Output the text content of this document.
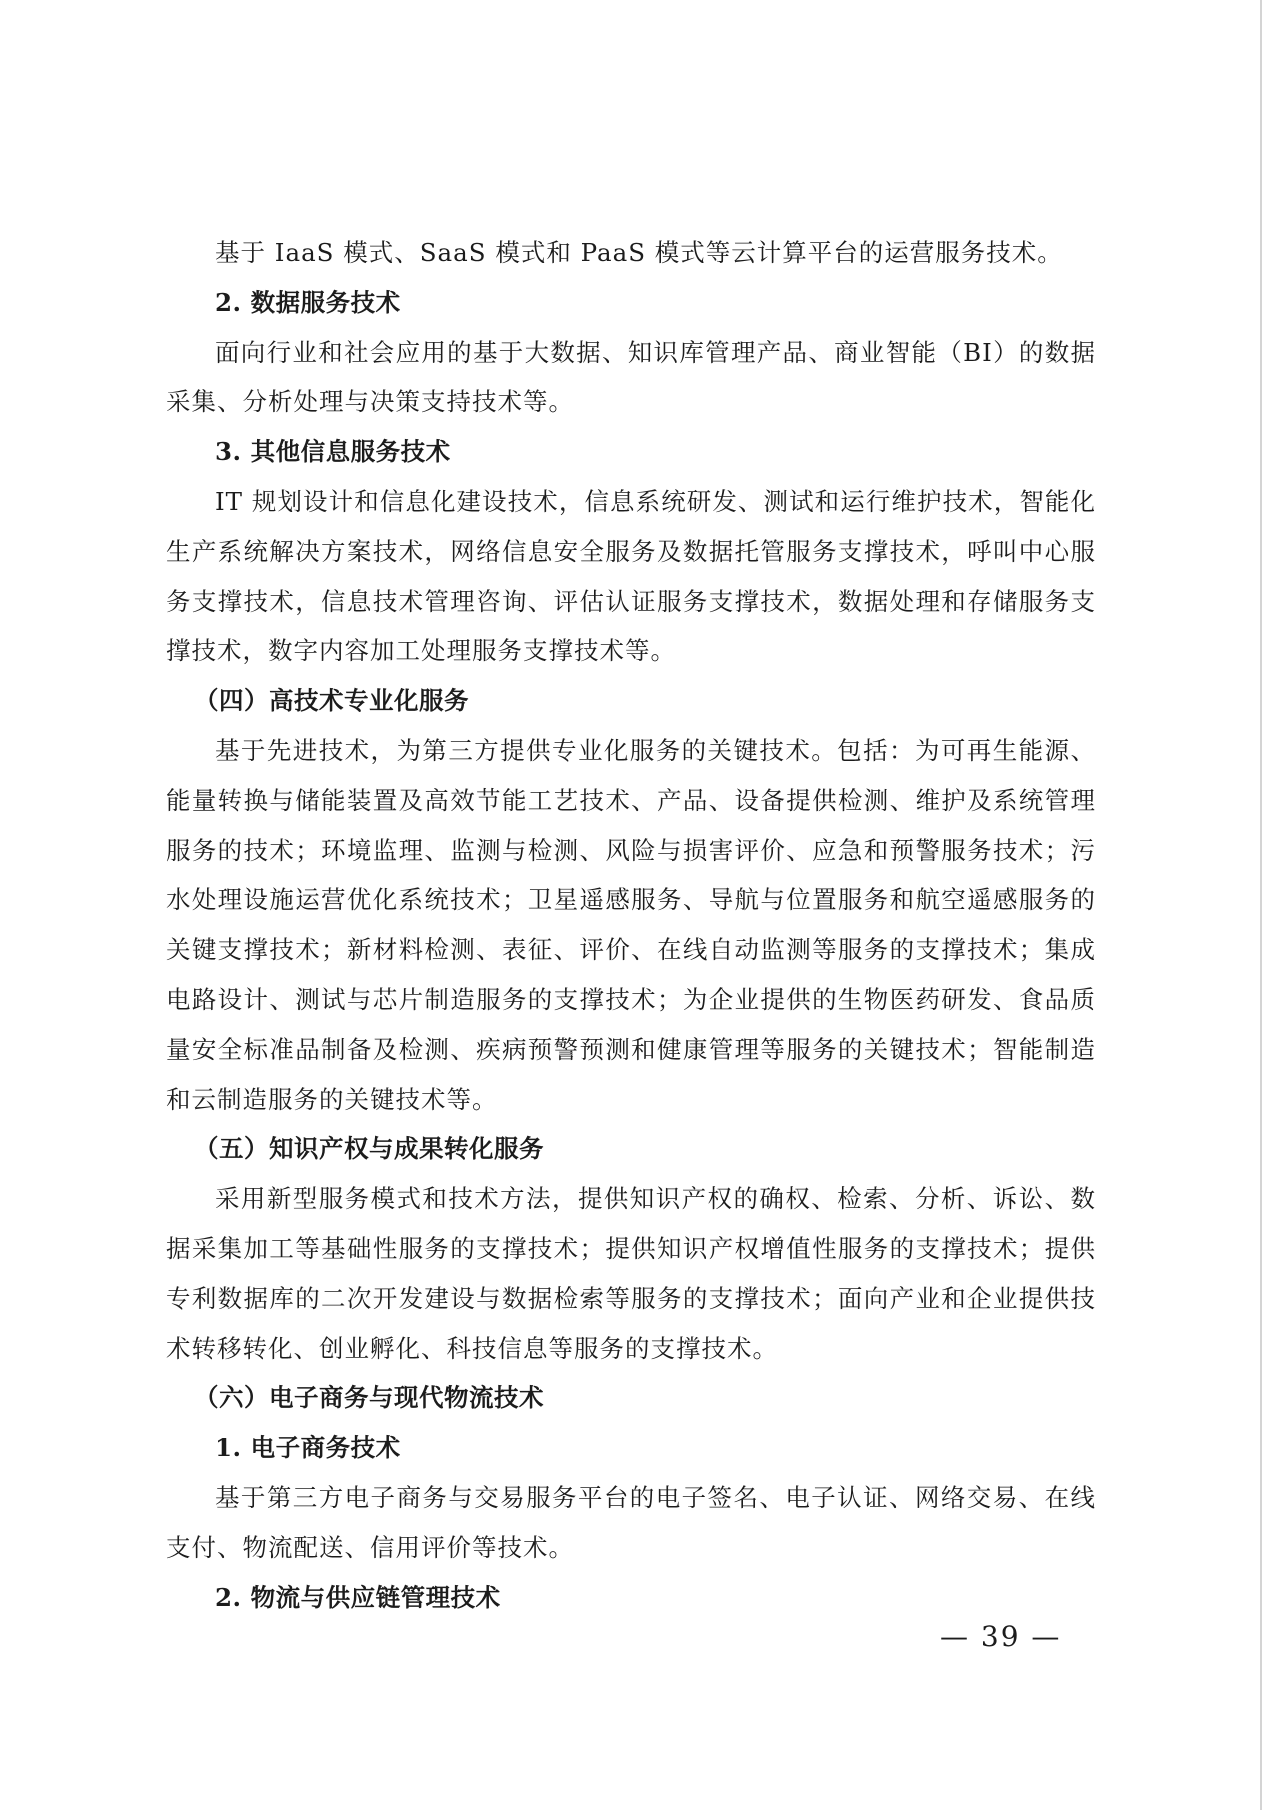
基于 IaaS 模式、SaaS 模式和 PaaS 模式等云计算平台的运营服务技术。

2. 数据服务技术

面向行业和社会应用的基于大数据、知识库管理产品、商业智能（BI）的数据采集、分析处理与决策支持技术等。

3. 其他信息服务技术

IT 规划设计和信息化建设技术，信息系统研发、测试和运行维护技术，智能化生产系统解决方案技术，网络信息安全服务及数据托管服务支撑技术，呼叫中心服务支撑技术，信息技术管理咨询、评估认证服务支撑技术，数据处理和存储服务支撑技术，数字内容加工处理服务支撑技术等。

（四）高技术专业化服务

基于先进技术，为第三方提供专业化服务的关键技术。包括：为可再生能源、能量转换与储能装置及高效节能工艺技术、产品、设备提供检测、维护及系统管理服务的技术；环境监理、监测与检测、风险与损害评价、应急和预警服务技术；污水处理设施运营优化系统技术；卫星遥感服务、导航与位置服务和航空遥感服务的关键支撑技术；新材料检测、表征、评价、在线自动监测等服务的支撑技术；集成电路设计、测试与芯片制造服务的支撑技术；为企业提供的生物医药研发、食品质量安全标准品制备及检测、疾病预警预测和健康管理等服务的关键技术；智能制造和云制造服务的关键技术等。

（五）知识产权与成果转化服务

采用新型服务模式和技术方法，提供知识产权的确权、检索、分析、诉讼、数据采集加工等基础性服务的支撑技术；提供知识产权增值性服务的支撑技术；提供专利数据库的二次开发建设与数据检索等服务的支撑技术；面向产业和企业提供技术转移转化、创业孵化、科技信息等服务的支撑技术。

（六）电子商务与现代物流技术

1. 电子商务技术

基于第三方电子商务与交易服务平台的电子签名、电子认证、网络交易、在线支付、物流配送、信用评价等技术。

2. 物流与供应链管理技术

— 39 —
